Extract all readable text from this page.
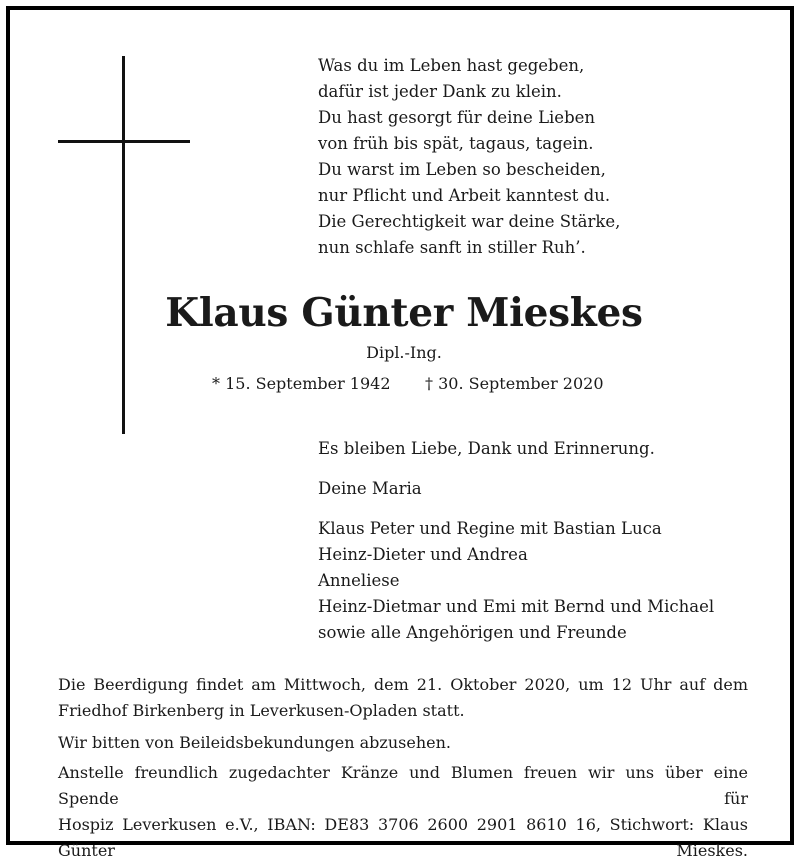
Was du im Leben hast gegeben,
dafür ist jeder Dank zu klein.
Du hast gesorgt für deine Lieben
von früh bis spät, tagaus, tagein.
Du warst im Leben so bescheiden,
nur Pflicht und Arbeit kanntest du.
Die Gerechtigkeit war deine Stärke,
nun schlafe sanft in stiller Ruh’.
Klaus Günter Mieskes
Dipl.-Ing.
* 15. September 1942 † 30. September 2020
Es bleiben Liebe, Dank und Erinnerung.
Deine Maria
Klaus Peter und Regine mit Bastian Luca
Heinz-Dieter und Andrea
Anneliese
Heinz-Dietmar und Emi mit Bernd und Michael
sowie alle Angehörigen und Freunde
Die Beerdigung findet am Mittwoch, dem 21. Oktober 2020, um 12 Uhr auf dem Friedhof Birkenberg in Leverkusen-Opladen statt.
Wir bitten von Beileidsbekundungen abzusehen.
Anstelle freundlich zugedachter Kränze und Blumen freuen wir uns über eine Spende für
Hospiz Leverkusen e.V., IBAN: DE83 3706 2600 2901 8610 16, Stichwort: Klaus Günter Mieskes.
